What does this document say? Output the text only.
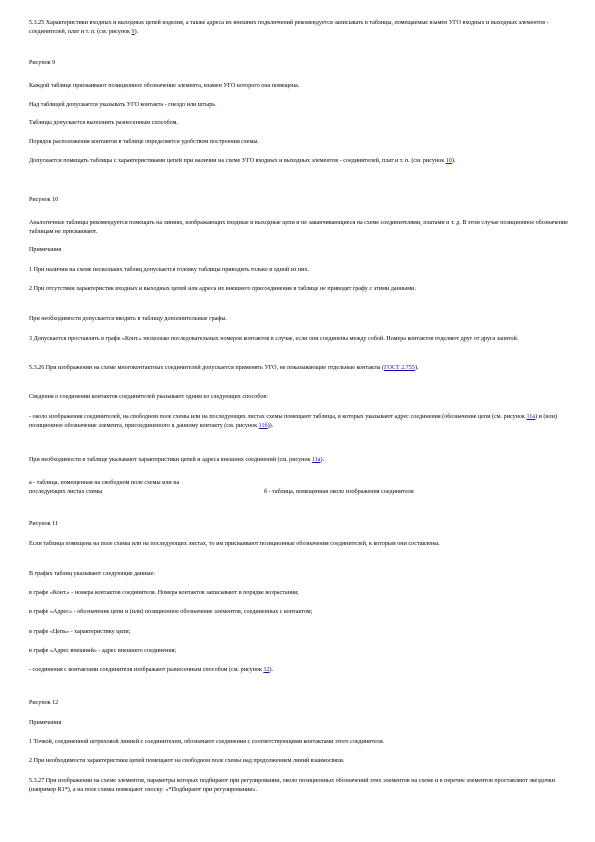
5.3.25 Характеристики входных и выходных цепей изделия, а также адреса их внешних подключений рекомендуется записывать в таблицы, помещаемые взамен УГО входных и выходных элементов - соединителей, плат и т. п. (см. рисунок 9).

Рисунок 9

Каждой таблице присваивают позиционное обозначение элемента, взамен УГО которого она помещена.

Над таблицей допускается указывать УГО контакта - гнездо или штырь.

Таблицы допускается выполнять разнесенным способом.

Порядок расположения контактов в таблице определяется удобством построения схемы.

Допускается помещать таблицы с характеристиками цепей при наличии на схеме УГО входных и выходных элементов - соединителей, плат и т. п. (см. рисунок 10).

Рисунок 10

Аналогичные таблицы рекомендуется помещать на линиях, изображающих входные и выходные цепи и не заканчивающиеся на схеме соединителями, платами и т. д. В этом случае позиционное обозначение таблицам не присваивают.

Примечания

1 При наличии на схеме нескольких таблиц допускается головку таблицы приводить только в одной из них.

2 При отсутствии характеристик входных и выходных цепей или адреса их внешнего присоединения в таблице не приводят графу с этими данными.

При необходимости допускается вводить в таблицу дополнительные графы.

3 Допускается проставлять в графе «Конт.» несколько последовательных номеров контактов в случае, если они соединены между собой. Номера контактов отделяют друг от друга запятой.

5.3.26 При изображении на схеме многоконтактных соединителей допускается применять УГО, не показывающие отдельные контакты (ГОСТ 2.755).

Сведения о соединении контактов соединителей указывают одним из следующих способов:

- около изображения соединителей, на свободном поле схемы или на последующих листах схемы помещают таблицы, в которых указывают адрес соединения (обозначение цепи (см. рисунок 11а) и (или) позиционное обозначение элемента, присоединенного к данному контакту (см. рисунок 11б)).

При необходимости в таблице указывают характеристики цепей и адреса внешних соединений (см. рисунок 11а).

а - таблица, помещенная на свободном поле схемы или на последующих листах схемы	б - таблица, помещенная около изображения соединителя

Рисунок 11

Если таблица помещена на поле схемы или на последующих листах, то им присваивают позиционные обозначения соединителей, к которым они составлены.

В графах таблиц указывают следующие данные:

в графе «Конт.» - номера контактов соединителя. Номера контактов записывают в порядке возрастания;

в графе «Адрес» - обозначение цепи и (или) позиционное обозначение элементов, соединенных с контактом;

в графе «Цепь» - характеристику цепи;

в графе «Адрес внешний» - адрес внешнего соединения;

- соединения с контактами соединителя изображают разнесенным способом (см. рисунок 12).

Рисунок 12

Примечания

1 Точкой, соединенной штриховой линией с соединителем, обозначают соединения с соответствующими контактами этого соединителя.

2 При необходимости характеристики цепей помещают на свободном поле схемы над продолжением линий взаимосвязи.

5.3.27 При изображении на схеме элементов, параметры которых подбирают при регулировании, около позиционных обозначений этих элементов на схеме и в перечне элементов проставляют звездочки (например R1*), а на поле схемы помещают сноску: «*Подбирают при регулировании».
